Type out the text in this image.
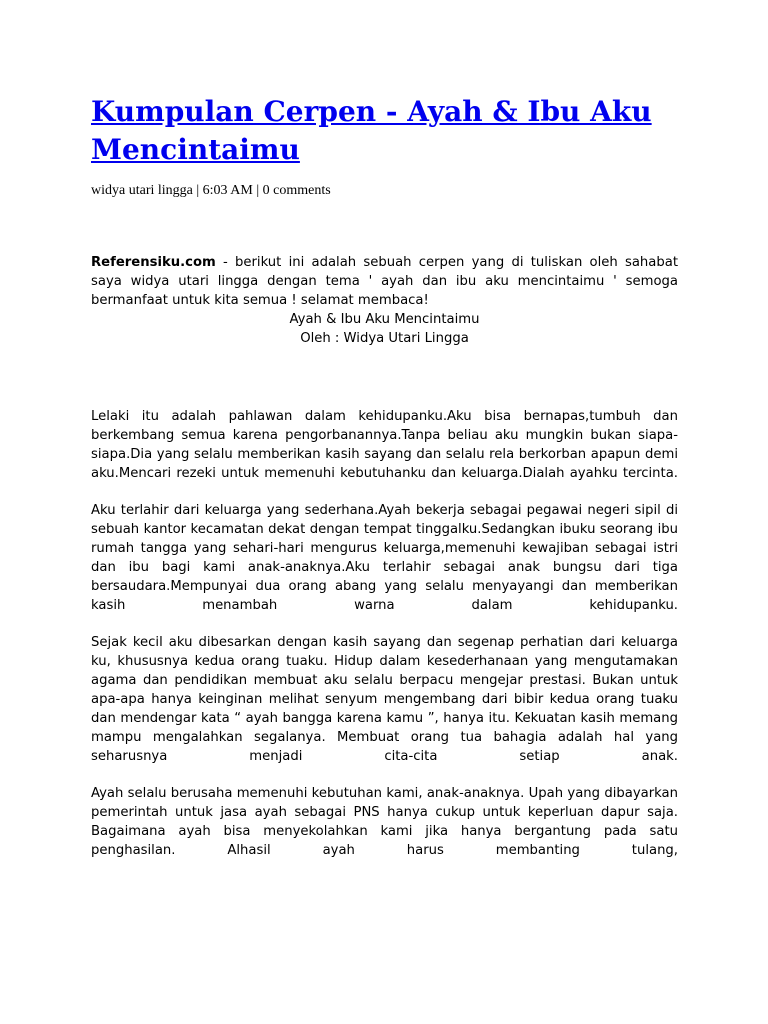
Kumpulan Cerpen - Ayah & Ibu Aku Mencintaimu
widya utari lingga | 6:03 AM | 0 comments

Referensiku.com - berikut ini adalah sebuah cerpen yang di tuliskan oleh sahabat saya widya utari lingga dengan tema ' ayah dan ibu aku mencintaimu ' semoga bermanfaat untuk kita semua ! selamat membaca!

Ayah & Ibu Aku Mencintaimu
Oleh : Widya Utari Lingga

Lelaki itu adalah pahlawan dalam kehidupanku.Aku bisa bernapas,tumbuh dan berkembang semua karena pengorbanannya.Tanpa beliau aku mungkin bukan siapa-siapa.Dia yang selalu memberikan kasih sayang dan selalu rela berkorban apapun demi aku.Mencari rezeki untuk memenuhi kebutuhanku dan keluarga.Dialah ayahku tercinta.

Aku terlahir dari keluarga yang sederhana.Ayah bekerja sebagai pegawai negeri sipil di sebuah kantor kecamatan dekat dengan tempat tinggalku.Sedangkan ibuku seorang ibu rumah tangga yang sehari-hari mengurus keluarga,memenuhi kewajiban sebagai istri dan ibu bagi kami anak-anaknya.Aku terlahir sebagai anak bungsu dari tiga bersaudara.Mempunyai dua orang abang yang selalu menyayangi dan memberikan kasih menambah warna dalam kehidupanku.

Sejak kecil aku dibesarkan dengan kasih sayang dan segenap perhatian dari keluarga ku, khususnya kedua orang tuaku. Hidup dalam kesederhanaan yang mengutamakan agama dan pendidikan membuat aku selalu berpacu mengejar prestasi. Bukan untuk apa-apa hanya keinginan melihat senyum mengembang dari bibir kedua orang tuaku dan mendengar kata “ ayah bangga karena kamu ”, hanya itu. Kekuatan kasih memang mampu mengalahkan segalanya. Membuat orang tua bahagia adalah hal yang seharusnya menjadi cita-cita setiap anak.

Ayah selalu berusaha memenuhi kebutuhan kami, anak-anaknya. Upah yang dibayarkan pemerintah untuk jasa ayah sebagai PNS hanya cukup untuk keperluan dapur saja. Bagaimana ayah bisa menyekolahkan kami jika hanya bergantung pada satu penghasilan. Alhasil ayah harus membanting tulang,
